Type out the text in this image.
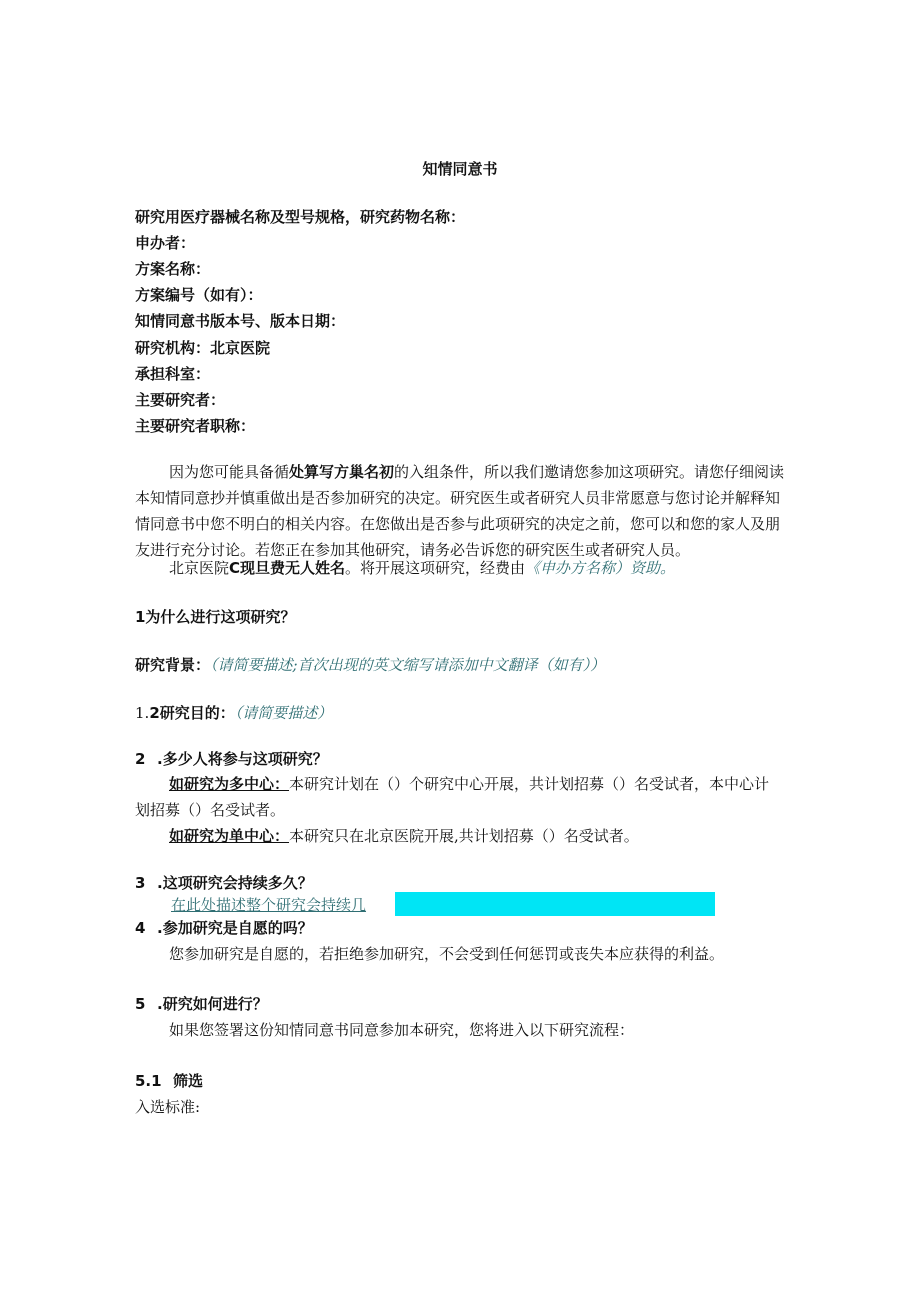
知情同意书
研究用医疗器械名称及型号规格，研究药物名称：
申办者：
方案名称：
方案编号（如有）：
知情同意书版本号、版本日期：
研究机构：北京医院
承担科室：
主要研究者：
主要研究者职称：
因为您可能具备循处算写方巢名初的入组条件，所以我们邀请您参加这项研究。请您仔细阅读本知情同意抄并慎重做出是否参加研究的决定。研究医生或者研究人员非常愿意与您讨论并解释知情同意书中您不明白的相关内容。在您做出是否参与此项研究的决定之前，您可以和您的家人及朋友进行充分讨论。若您正在参加其他研究，请务必告诉您的研究医生或者研究人员。
北京医院C现旦费无人姓名。将开展这项研究，经费由《申办方名称）资助。
1为什么进行这项研究？
研究背景：（请简要描述;首次出现的英文缩写请添加中文翻译（如有））
1.2研究目的：（请简要描述）
2 .多少人将参与这项研究？
如研究为多中心：本研究计划在（）个研究中心开展，共计划招募（）名受试者，本中心计
划招募（）名受试者。
如研究为单中心：本研究只在北京医院开展,共计划招募（）名受试者。
3 .这项研究会持续多久？
在此处描述整个研究会持续几
4 .参加研究是自愿的吗？
您参加研究是自愿的，若拒绝参加研究，不会受到任何惩罚或丧失本应获得的利益。
5 .研究如何进行？
如果您签署这份知情同意书同意参加本研究，您将进入以下研究流程：
5.1 筛选
入选标准:
